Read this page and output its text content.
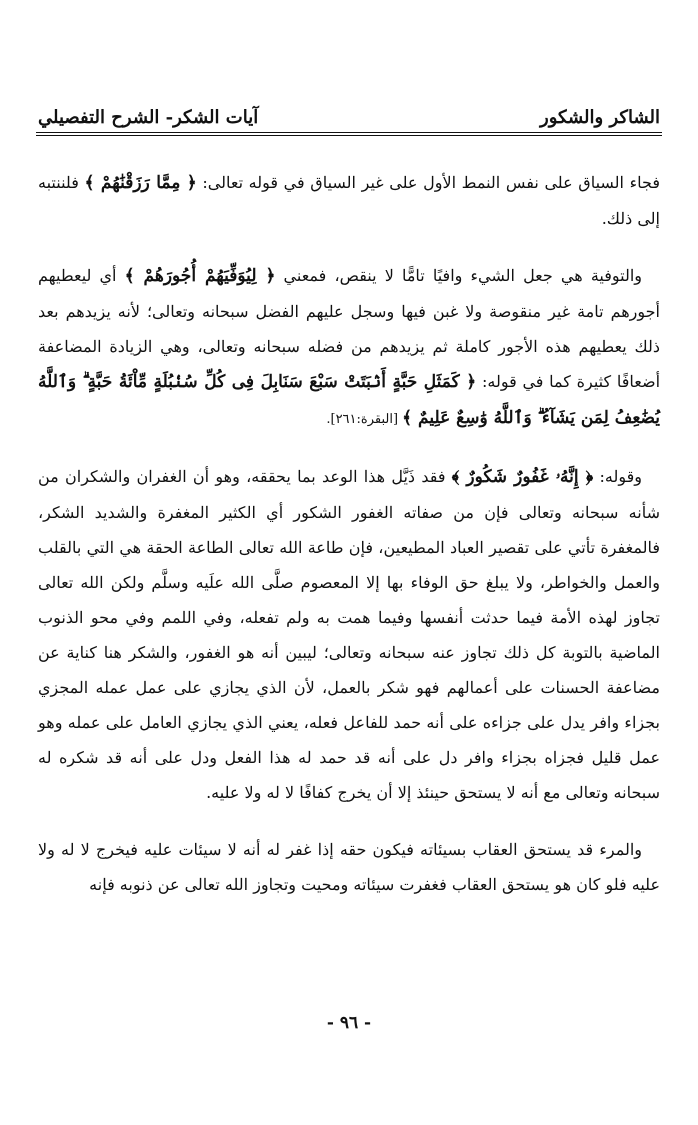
الشاكر والشكور
آيات الشكر- الشرح التفصيلي

فجاء السياق على نفس النمط الأول على غير السياق في قوله تعالى: ﴿ مِمَّا رَزَقْنَٰهُمْ ﴾ فلننتبه إلى ذلك.

والتوفية هي جعل الشيء وافيًا تامًّا لا ينقص، فمعني ﴿ لِيُوَفِّيَهُمْ أُجُورَهُمْ ﴾ أي ليعطيهم أجورهم تامة غير منقوصة ولا غبن فيها وسجل عليهم الفضل سبحانه وتعالى؛ لأنه يزيدهم بعد ذلك يعطيهم هذه الأجور كاملة ثم يزيدهم من فضله سبحانه وتعالى، وهي الزيادة المضاعفة أضعافًا كثيرة كما في قوله: ﴿ كَمَثَلِ حَبَّةٍ أَنۢبَتَتْ سَبْعَ سَنَابِلَ فِى كُلِّ سُنۢبُلَةٍ مِّاْئَةُ حَبَّةٍ ۗ وَٱللَّهُ يُضَٰعِفُ لِمَن يَشَآءُ ۗ وَٱللَّهُ وَٰسِعٌ عَلِيمٌ ﴾ [البقرة:٢٦١].

وقوله: ﴿ إِنَّهُۥ غَفُورٌ شَكُورٌ ﴾ فقد ذَيَّل هذا الوعد بما يحققه، وهو أن الغفران والشكران من شأنه سبحانه وتعالى فإن من صفاته الغفور الشكور أي الكثير المغفرة والشديد الشكر، فالمغفرة تأتي على تقصير العباد المطيعين، فإن طاعة الله تعالى الطاعة الحقة هي التي بالقلب والعمل والخواطر، ولا يبلغ حق الوفاء بها إلا المعصوم صلَّى الله علَيه وسلَّم ولكن الله تعالى تجاوز لهذه الأمة فيما حدثت أنفسها وفيما همت به ولم تفعله، وفي اللمم وفي محو الذنوب الماضية بالتوبة كل ذلك تجاوز عنه سبحانه وتعالى؛ ليبين أنه هو الغفور، والشكر هنا كناية عن مضاعفة الحسنات على أعمالهم فهو شكر بالعمل، لأن الذي يجازي على عمل عمله المجزي بجزاء وافر يدل على جزاءه على أنه حمد للفاعل فعله، يعني الذي يجازي العامل على عمله وهو عمل قليل فجزاه بجزاء وافر دل على أنه قد حمد له هذا الفعل ودل على أنه قد شكره له سبحانه وتعالى مع أنه لا يستحق حينئذ إلا أن يخرج كفافًا لا له ولا عليه.

والمرء قد يستحق العقاب بسيئاته فيكون حقه إذا غفر له أنه لا سيئات عليه فيخرج لا له ولا عليه فلو كان هو يستحق العقاب فغفرت سيئاته ومحيت وتجاوز الله تعالى عن ذنوبه فإنه

- ٩٦ -
